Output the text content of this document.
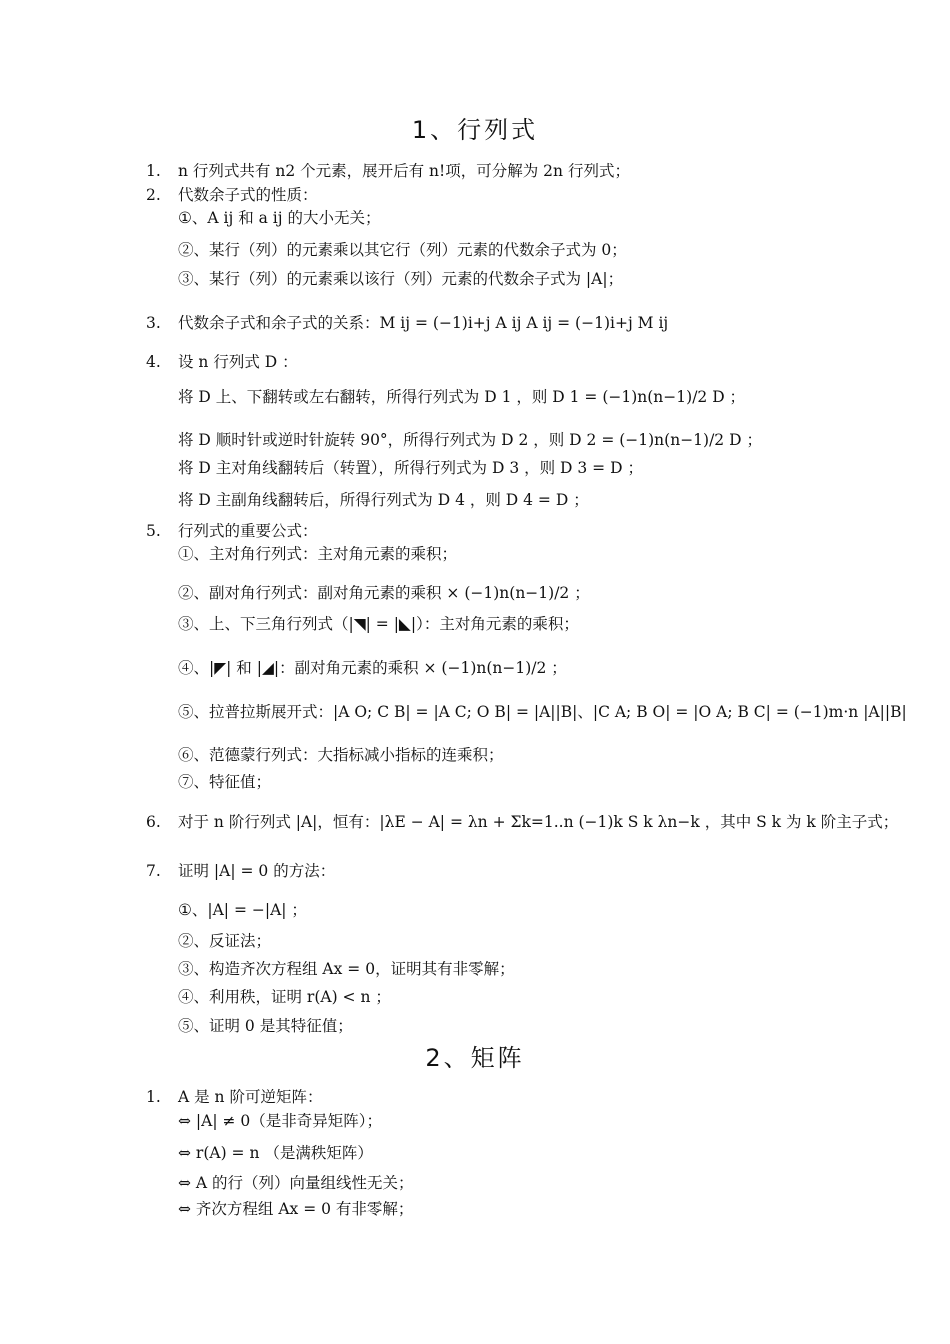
1、行列式
1. n 行列式共有 n2 个元素，展开后有 n!项，可分解为 2n 行列式；
2. 代数余子式的性质：
①、A ij 和 a ij 的大小无关；
②、某行（列）的元素乘以其它行（列）元素的代数余子式为 0；
③、某行（列）的元素乘以该行（列）元素的代数余子式为 |A|；
3. 代数余子式和余子式的关系：M ij = (−1)i+j A ij A ij = (−1)i+j M ij
4. 设 n 行列式 D ：
将 D 上、下翻转或左右翻转，所得行列式为 D 1 ，则 D 1 = (−1)n(n−1)/2 D ；
将 D 顺时针或逆时针旋转 90°，所得行列式为 D 2 ，则 D 2 = (−1)n(n−1)/2 D ；
将 D 主对角线翻转后（转置），所得行列式为 D 3 ，则 D 3 = D ；
将 D 主副角线翻转后，所得行列式为 D 4 ，则 D 4 = D ；
5. 行列式的重要公式：
①、主对角行列式：主对角元素的乘积；
②、副对角行列式：副对角元素的乘积 × (−1)n(n−1)/2 ；
③、上、下三角行列式（|◥| = |◣|）：主对角元素的乘积；
④、|◤| 和 |◢|：副对角元素的乘积 × (−1)n(n−1)/2 ；
⑤、拉普拉斯展开式：|A O; C B| = |A C; O B| = |A||B|、|C A; B O| = |O A; B C| = (−1)m·n |A||B|
⑥、范德蒙行列式：大指标减小指标的连乘积；
⑦、特征值；
6. 对于 n 阶行列式 |A|，恒有：|λE − A| = λn + Σk=1..n (−1)k S k λn−k ，其中 S k 为 k 阶主子式；
7. 证明 |A| = 0 的方法：
①、|A| = −|A| ；
②、反证法；
③、构造齐次方程组 Ax = 0，证明其有非零解；
④、利用秩，证明 r(A) < n ；
⑤、证明 0 是其特征值；
2、矩阵
1. A 是 n 阶可逆矩阵：
⇔ |A| ≠ 0（是非奇异矩阵）；
⇔ r(A) = n （是满秩矩阵）
⇔ A 的行（列）向量组线性无关；
⇔ 齐次方程组 Ax = 0 有非零解；
